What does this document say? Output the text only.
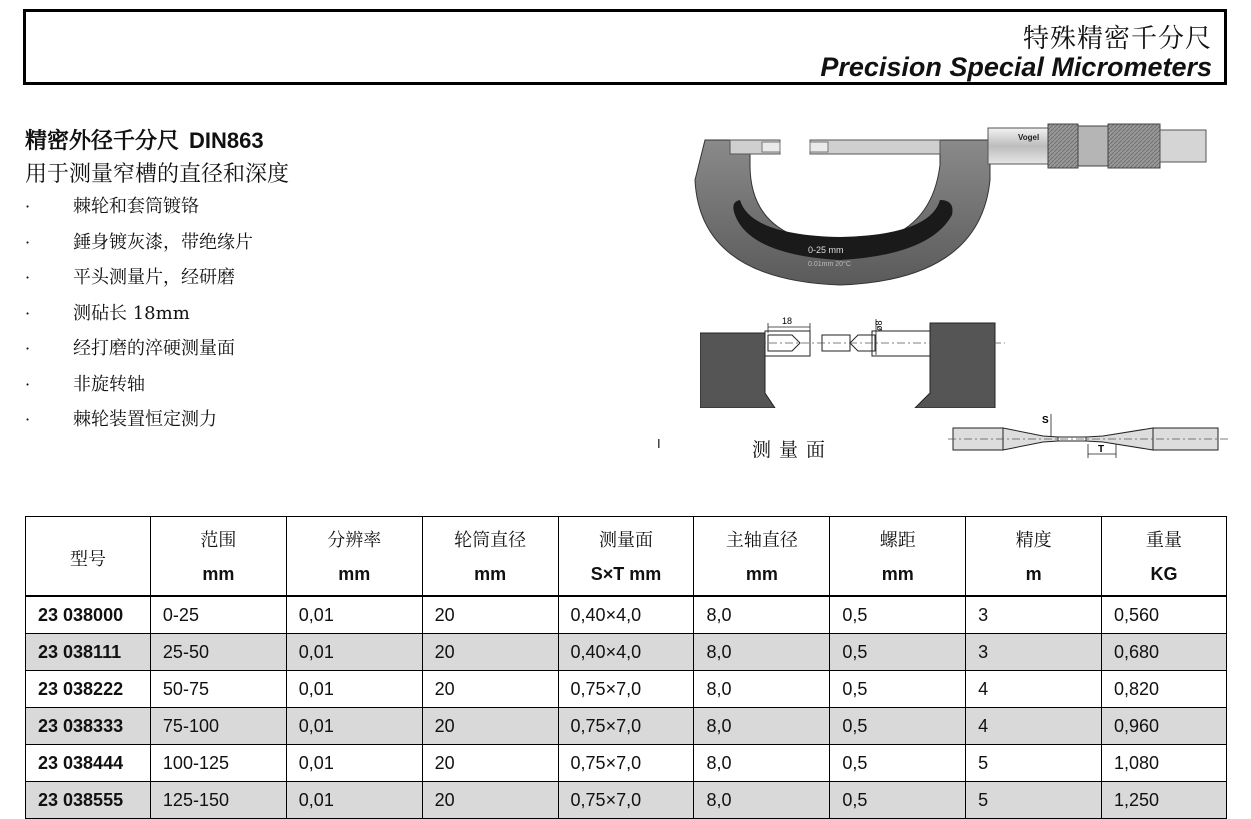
特殊精密千分尺
Precision Special Micrometers
精密外径千分尺 DIN863
用于测量窄槽的直径和深度
· 棘轮和套筒镀铬
· 錘身镀灰漆，带绝缘片
· 平头测量片，经研磨
· 测砧长 18mm
· 经打磨的淬硬测量面
· 非旋转轴
· 棘轮装置恒定测力
0-25 mm
0.01mm 20°C
Vogel
18	ø8
I	测量面
S
T
型号	范围	分辨率	轮筒直径	测量面	主轴直径	螺距	精度	重量
	mm	mm	mm	S×T mm	mm	mm	m	KG
23 038000	0-25	0,01	20	0,40×4,0	8,0	0,5	3	0,560
23 038111	25-50	0,01	20	0,40×4,0	8,0	0,5	3	0,680
23 038222	50-75	0,01	20	0,75×7,0	8,0	0,5	4	0,820
23 038333	75-100	0,01	20	0,75×7,0	8,0	0,5	4	0,960
23 038444	100-125	0,01	20	0,75×7,0	8,0	0,5	5	1,080
23 038555	125-150	0,01	20	0,75×7,0	8,0	0,5	5	1,250
